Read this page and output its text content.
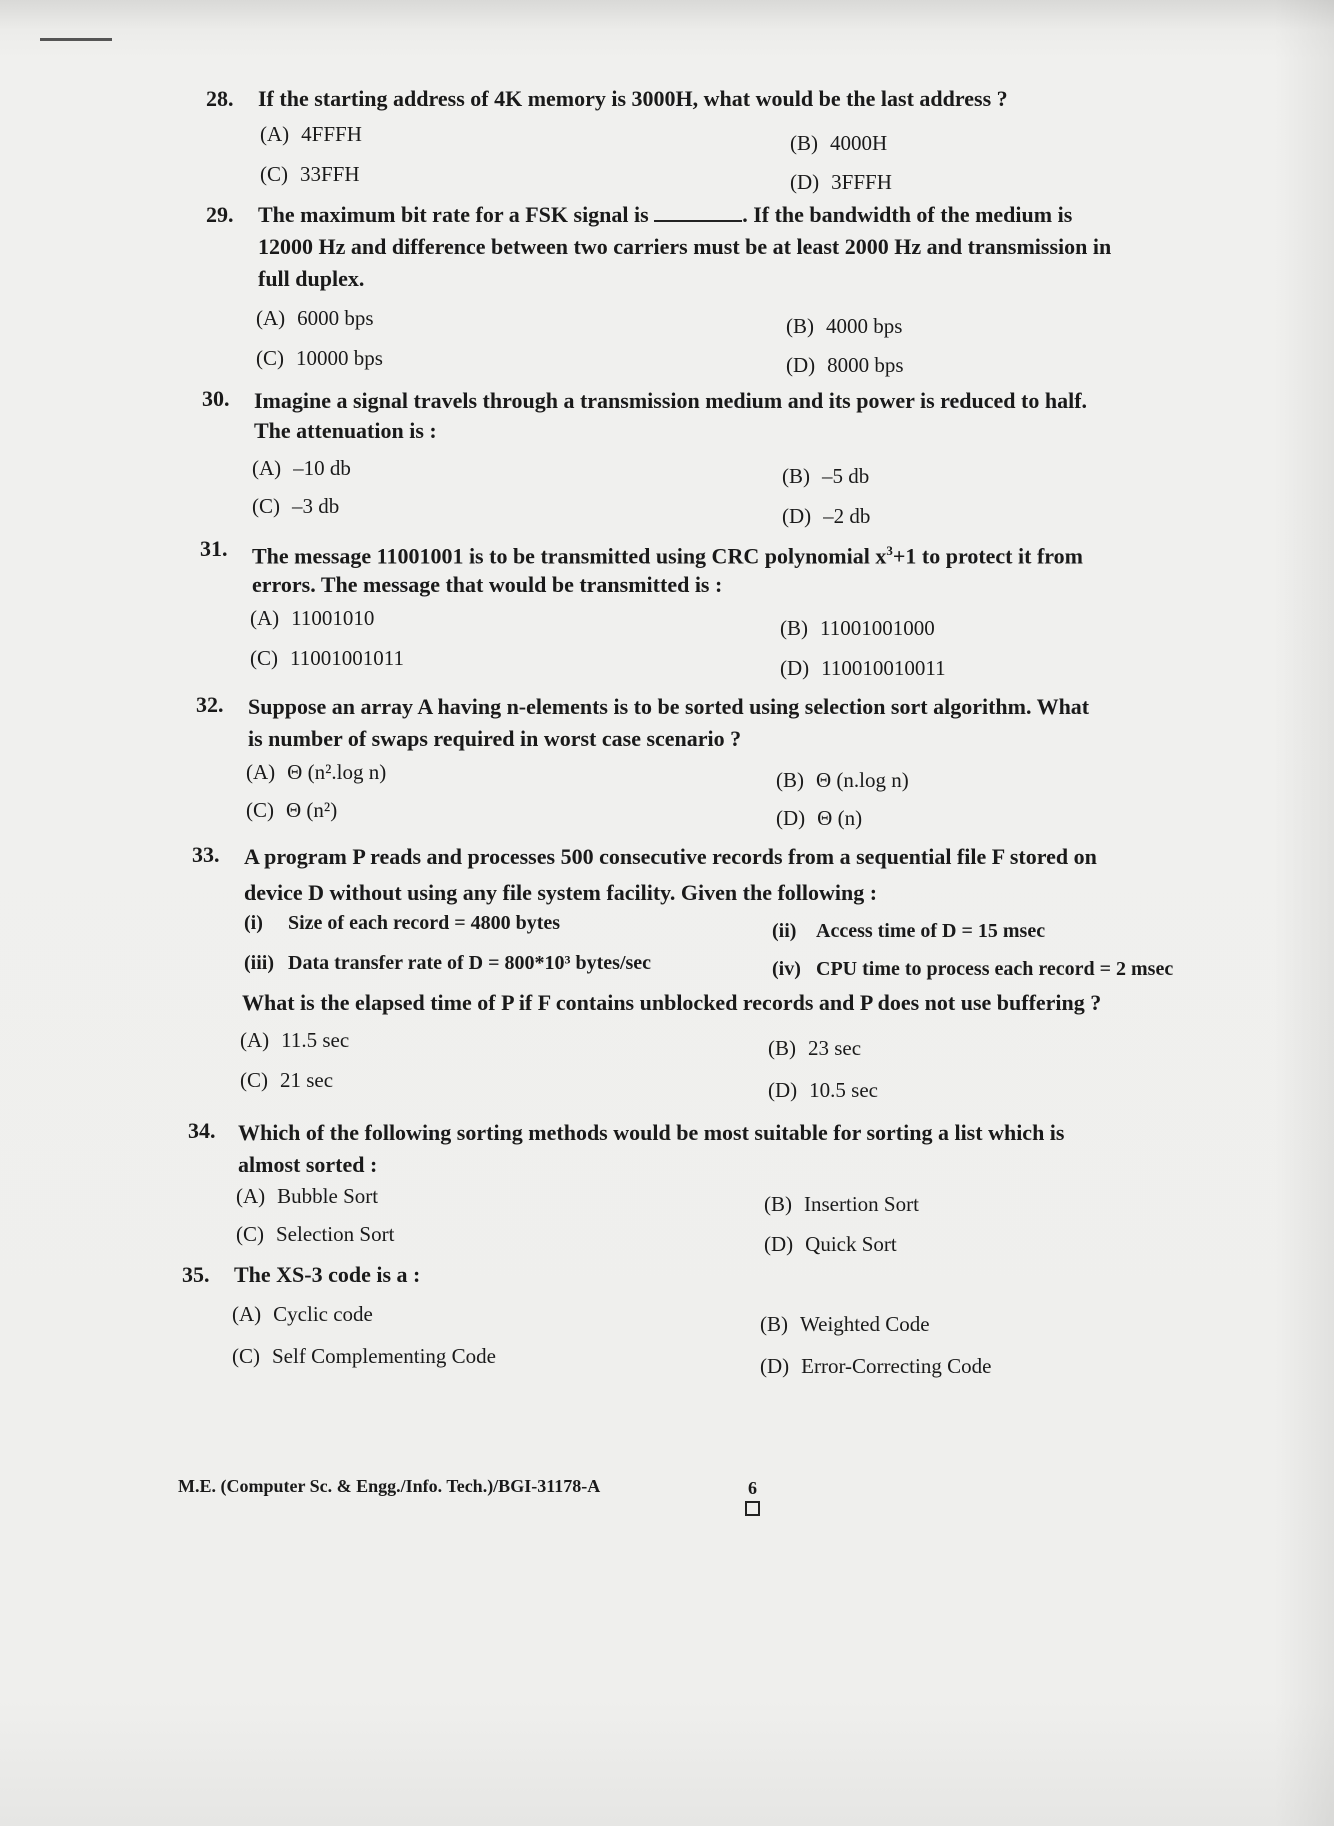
28. If the starting address of 4K memory is 3000H, what would be the last address ?
(A) 4FFFH	(B) 4000H
(C) 33FFH	(D) 3FFFH
29. The maximum bit rate for a FSK signal is	. If the bandwidth of the medium is
12000 Hz and difference between two carriers must be at least 2000 Hz and transmission in
full duplex.
(A) 6000 bps	(B) 4000 bps
(C) 10000 bps	(D) 8000 bps
30. Imagine a signal travels through a transmission medium and its power is reduced to half.
The attenuation is :
(A) –10 db	(B) –5 db
(C) –3 db	(D) –2 db
31. The message 11001001 is to be transmitted using CRC polynomial $x^3+1$ to protect it from
errors. The message that would be transmitted is :
(A) 11001010	(B) 11001001000
(C) 11001001011	(D) 110010010011
32. Suppose an array A having n-elements is to be sorted using selection sort algorithm. What
is number of swaps required in worst case scenario ?
(A) Θ (n².log n)	(B) Θ (n.log n)
(C) Θ (n²)	(D) Θ (n)
33. A program P reads and processes 500 consecutive records from a sequential file F stored on
device D without using any file system facility. Given the following :
(i) Size of each record = 4800 bytes	(ii) Access time of D = 15 msec
(iii) Data transfer rate of D = 800*10³ bytes/sec	(iv) CPU time to process each record = 2 msec
What is the elapsed time of P if F contains unblocked records and P does not use buffering ?
(A) 11.5 sec	(B) 23 sec
(C) 21 sec	(D) 10.5 sec
34. Which of the following sorting methods would be most suitable for sorting a list which is
almost sorted :
(A) Bubble Sort	(B) Insertion Sort
(C) Selection Sort	(D) Quick Sort
35. The XS-3 code is a :
(A) Cyclic code	(B) Weighted Code
(C) Self Complementing Code	(D) Error-Correcting Code
M.E. (Computer Sc. & Engg./Info. Tech.)/BGI-31178-A	6
